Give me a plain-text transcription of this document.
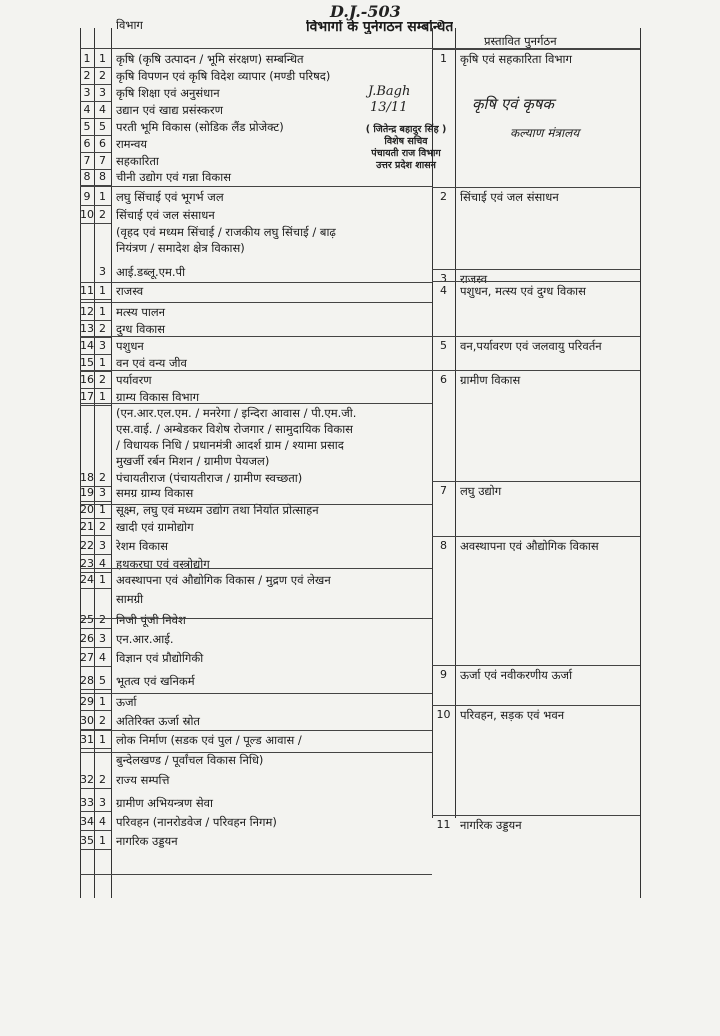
D.J.-503
विभाग	विभागों के पुर्नगठन सम्बन्धित
प्रस्तावित पुनर्गठन
1 1 कृषि (कृषि उत्पादन / भूमि संरक्षण) सम्बन्धित
2 2 कृषि विपणन एवं कृषि विदेश व्यापार (मण्डी परिषद)
3 3 कृषि शिक्षा एवं अनुसंधान
4 4 उद्यान एवं खाद्य प्रसंस्करण
5 5 परती भूमि विकास (सोडिक लैंड प्रोजेक्ट)
6 6 रामन्वय
7 7 सहकारिता
8 8 चीनी उद्योग एवं गन्ना विकास
9 1 लघु सिंचाई एवं भूगर्भ जल
10 2 सिंचाई एवं जल संसाधन
(वृहद एवं मध्यम सिंचाई / राजकीय लघु सिंचाई / बाढ़
नियंत्रण / समादेश क्षेत्र विकास)
3 आई.डब्लू.एम.पी
11 1 राजस्व
12 1 मत्स्य पालन
13 2 दुग्ध विकास
14 3 पशुधन
15 1 वन एवं वन्य जीव
16 2 पर्यावरण
17 1 ग्राम्य विकास विभाग
(एन.आर.एल.एम. / मनरेगा / इन्दिरा आवास / पी.एम.जी.
एस.वाई. / अम्बेडकर विशेष रोजगार / सामुदायिक विकास
/ विधायक निधि / प्रधानमंत्री आदर्श ग्राम / श्यामा प्रसाद
मुखर्जी रर्बन मिशन / ग्रामीण पेयजल)
18 2 पंचायतीराज (पंचायतीराज / ग्रामीण स्वच्छता)
19 3 समग्र ग्राम्य विकास
20 1 सूक्ष्म, लघु एवं मध्यम उद्योग तथा निर्यात प्रोत्साहन
21 2 खादी एवं ग्रामोद्योग
22 3 रेशम विकास
23 4 हथकरघा एवं वस्त्रोद्योग
24 1 अवस्थापना एवं औद्योगिक विकास / मुद्रण एवं लेखन
सामग्री
25 2 निजी पूंजी निवेश
26 3 एन.आर.आई.
27 4 विज्ञान एवं प्रौद्योगिकी
28 5 भूतत्व एवं खनिकर्म
29 1 ऊर्जा
30 2 अतिरिक्त ऊर्जा स्रोत
31 1 लोक निर्माण (सडक एवं पुल / पूल्ड आवास /
बुन्देलखण्ड / पूर्वांचल विकास निधि)
32 2 राज्य सम्पत्ति
33 3 ग्रामीण अभियन्त्रण सेवा
34 4 परिवहन (नानरोडवेज / परिवहन निगम)
35 1 नागरिक उड्डयन
1	कृषि एवं सहकारिता विभाग
2	सिंचाई एवं जल संसाधन
3	राजस्व
4	पशुधन, मत्स्य एवं दुग्ध विकास
5	वन,पर्यावरण एवं जलवायु परिवर्तन
6	ग्रामीण विकास
7	लघु उद्योग
8	अवस्थापना एवं औद्योगिक विकास
9	ऊर्जा एवं नवीकरणीय ऊर्जा
10 परिवहन, सड़क एवं भवन
11 नागरिक उड्डयन
J.Bagh
13/11
( जितेन्द्र बहादुर सिंह )
विशेष सचिव
पंचायती राज विभाग
उत्तर प्रदेश शासन
कृषि एवं कृषक
कल्याण मंत्रालय
